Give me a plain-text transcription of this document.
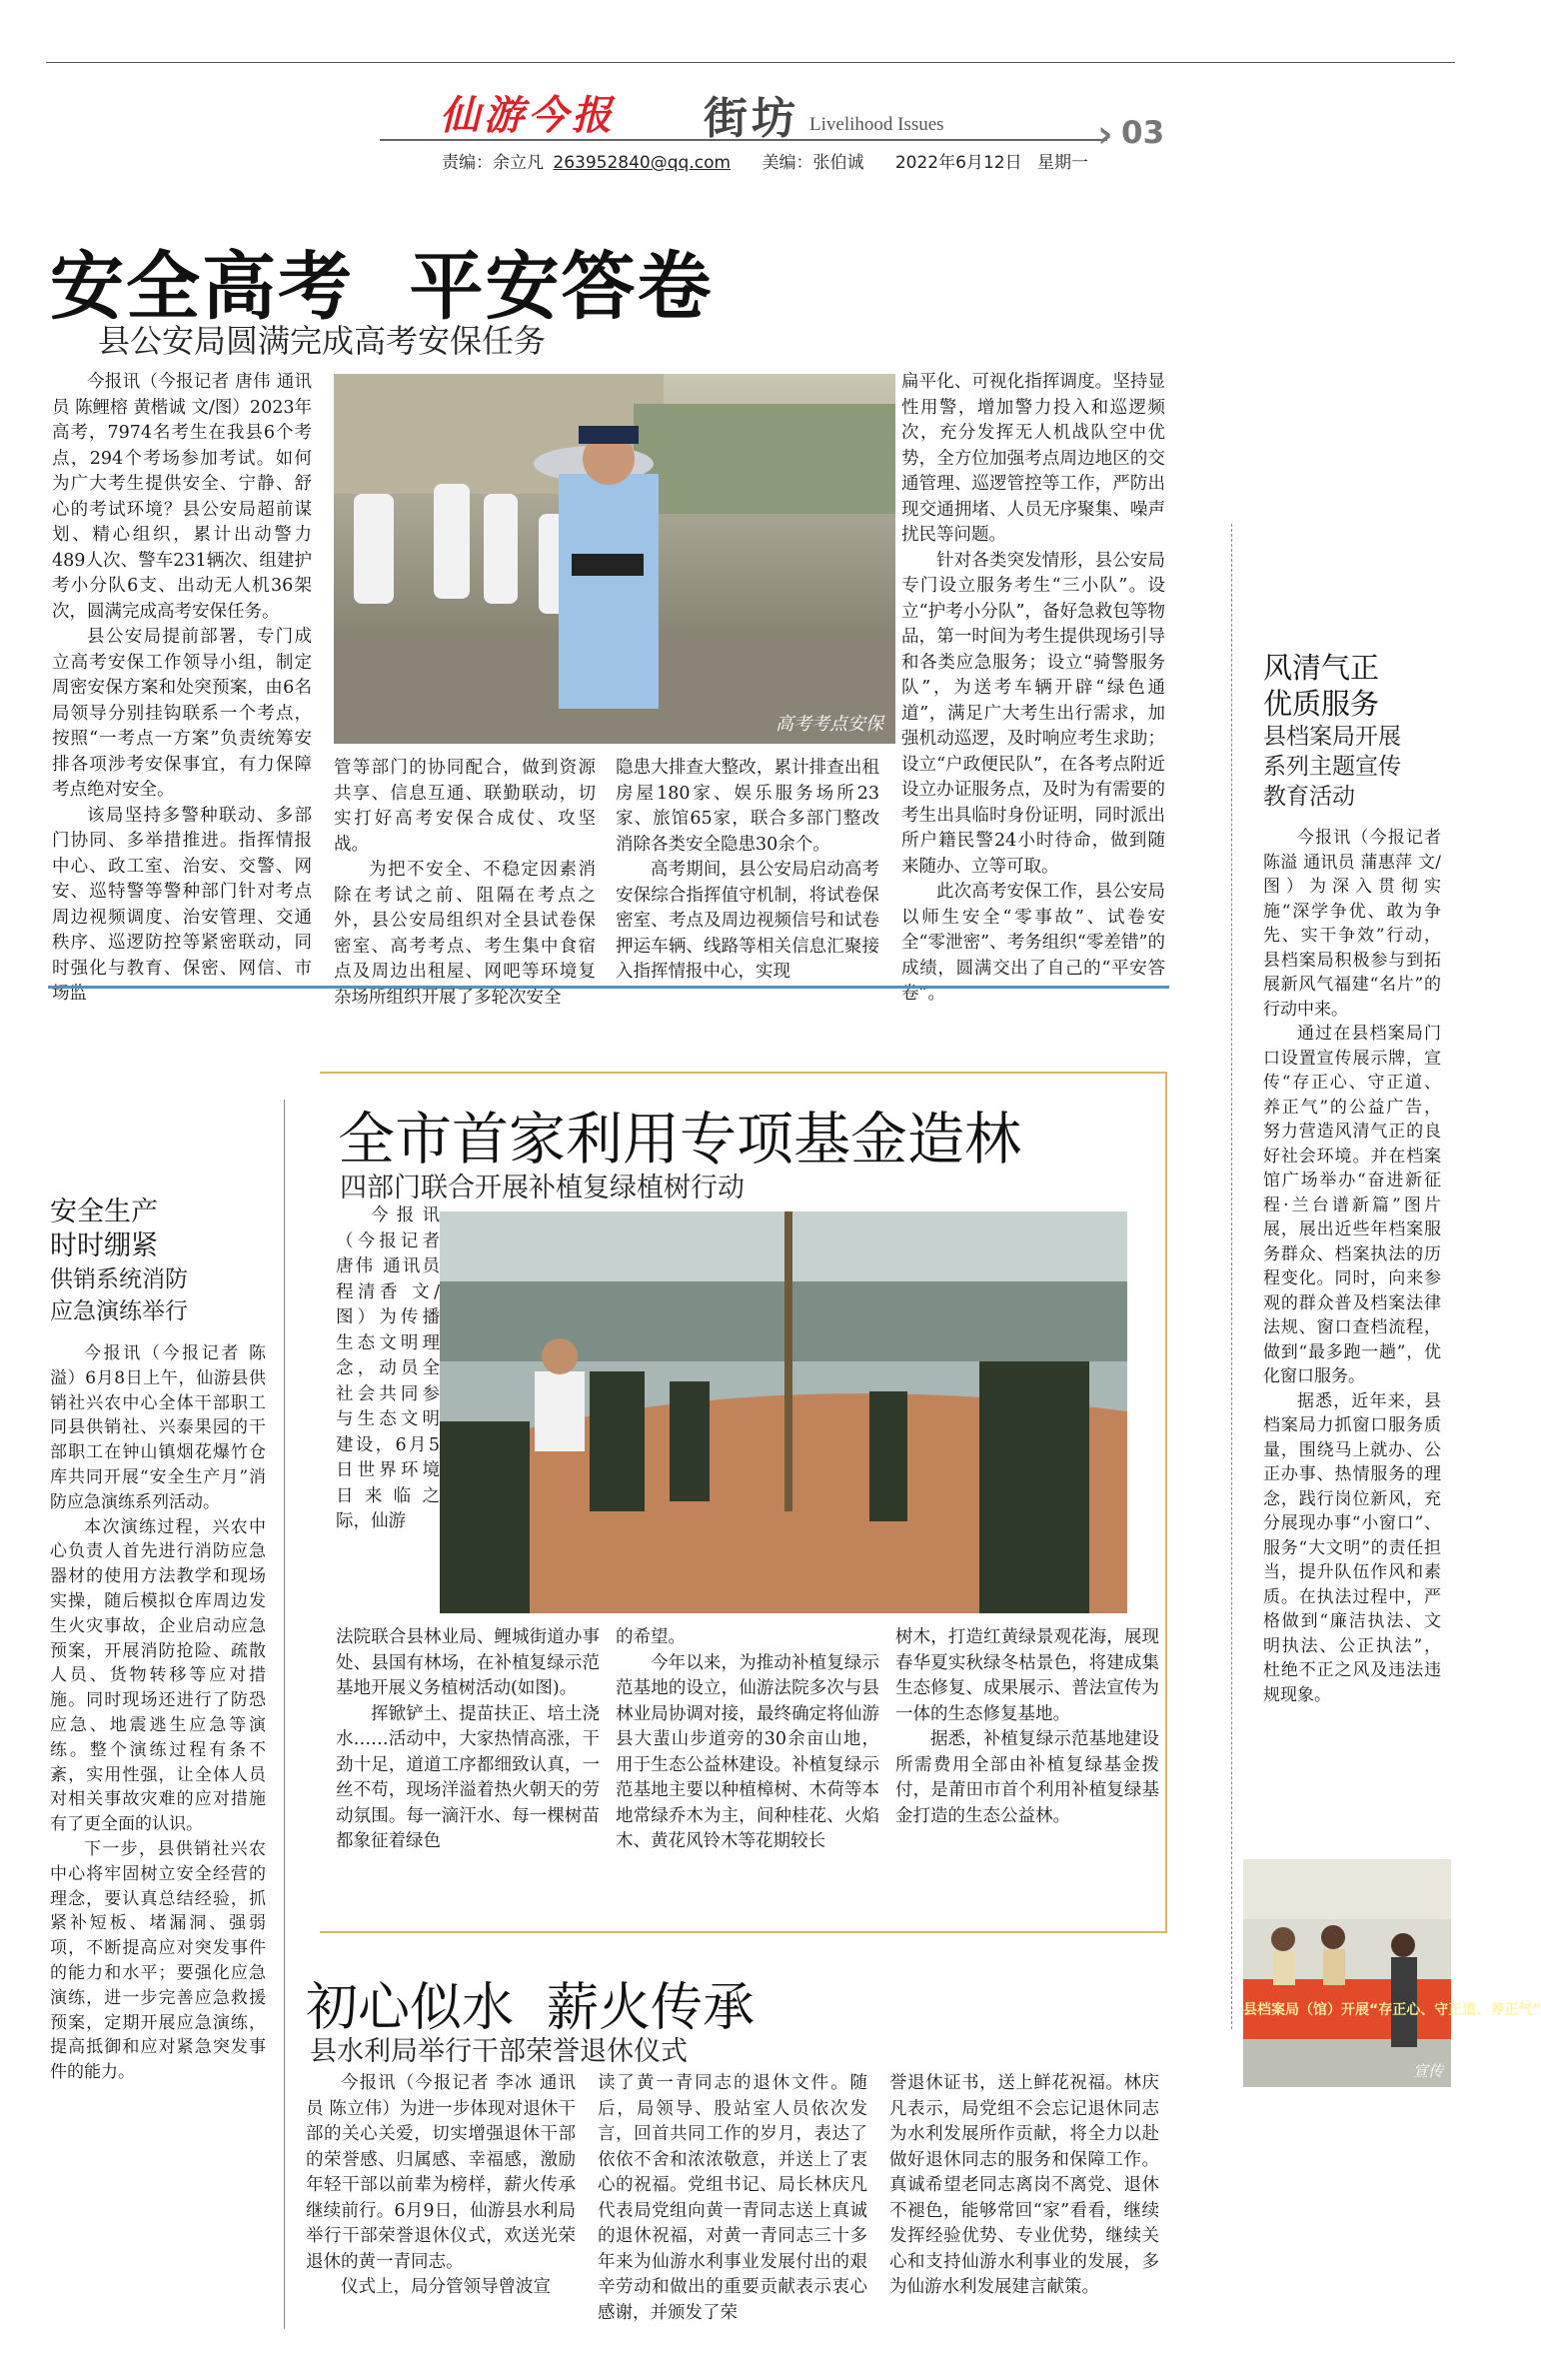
仙游今报 街坊 Livelihood Issues	› 03
责编：余立凡 263952840@qq.com 美编：张伯诚 2022年6月12日 星期一
安全高考  平安答卷
县公安局圆满完成高考安保任务

今报讯（今报记者 唐伟 通讯员 陈鲤榕 黄楷诚 文/图）2023年高考，7974名考生在我县6个考点，294个考场参加考试。如何为广大考生提供安全、宁静、舒心的考试环境？县公安局超前谋划、精心组织，累计出动警力489人次、警车231辆次、组建护考小分队6支、出动无人机36架次，圆满完成高考安保任务。

县公安局提前部署，专门成立高考安保工作领导小组，制定周密安保方案和处突预案，由6名局领导分别挂钩联系一个考点，按照“一考点一方案”负责统筹安排各项涉考安保事宜，有力保障考点绝对安全。

该局坚持多警种联动、多部门协同、多举措推进。指挥情报中心、政工室、治安、交警、网安、巡特警等警种部门针对考点周边视频调度、治安管理、交通秩序、巡逻防控等紧密联动，同时强化与教育、保密、网信、市场监

高考考点安保

管等部门的协同配合，做到资源共享、信息互通、联勤联动，切实打好高考安保合成仗、攻坚战。

为把不安全、不稳定因素消除在考试之前、阻隔在考点之外，县公安局组织对全县试卷保密室、高考考点、考生集中食宿点及周边出租屋、网吧等环境复杂场所组织开展了多轮次安全

隐患大排查大整改，累计排查出租房屋180家、娱乐服务场所23家、旅馆65家，联合多部门整改消除各类安全隐患30余个。

高考期间，县公安局启动高考安保综合指挥值守机制，将试卷保密室、考点及周边视频信号和试卷押运车辆、线路等相关信息汇聚接入指挥情报中心，实现

扁平化、可视化指挥调度。坚持显性用警，增加警力投入和巡逻频次，充分发挥无人机战队空中优势，全方位加强考点周边地区的交通管理、巡逻管控等工作，严防出现交通拥堵、人员无序聚集、噪声扰民等问题。

针对各类突发情形，县公安局专门设立服务考生“三小队”。设立“护考小分队”，备好急救包等物品，第一时间为考生提供现场引导和各类应急服务；设立“骑警服务队”，为送考车辆开辟“绿色通道”，满足广大考生出行需求，加强机动巡逻，及时响应考生求助；设立“户政便民队”，在各考点附近设立办证服务点，及时为有需要的考生出具临时身份证明，同时派出所户籍民警24小时待命，做到随来随办、立等可取。

此次高考安保工作，县公安局以师生安全“零事故”、试卷安全“零泄密”、考务组织“零差错”的成绩，圆满交出了自己的“平安答卷”。

风清气正
优质服务
县档案局开展
系列主题宣传
教育活动

今报讯（今报记者 陈溢 通讯员 蒲惠萍 文/图）为深入贯彻实施“深学争优、敢为争先、实干争效”行动，县档案局积极参与到拓展新风气福建“名片”的行动中来。

通过在县档案局门口设置宣传展示牌，宣传“存正心、守正道、养正气”的公益广告，努力营造风清气正的良好社会环境。并在档案馆广场举办“奋进新征程·兰台谱新篇”图片展，展出近些年档案服务群众、档案执法的历程变化。同时，向来参观的群众普及档案法律法规、窗口查档流程，做到“最多跑一趟”，优化窗口服务。

据悉，近年来，县档案局力抓窗口服务质量，围绕马上就办、公正办事、热情服务的理念，践行岗位新风，充分展现办事“小窗口”、服务“大文明”的责任担当，提升队伍作风和素质。在执法过程中，严格做到“廉洁执法、文明执法、公正执法”，杜绝不正之风及违法违规现象。

县档案局（馆）开展“存正心、守正道、养正气”
宣传
安全生产
时时绷紧
供销系统消防
应急演练举行

今报讯（今报记者 陈溢）6月8日上午，仙游县供销社兴农中心全体干部职工同县供销社、兴泰果园的干部职工在钟山镇烟花爆竹仓库共同开展“安全生产月”消防应急演练系列活动。

本次演练过程，兴农中心负责人首先进行消防应急器材的使用方法教学和现场实操，随后模拟仓库周边发生火灾事故，企业启动应急预案，开展消防抢险、疏散人员、货物转移等应对措施。同时现场还进行了防恐应急、地震逃生应急等演练。整个演练过程有条不紊，实用性强，让全体人员对相关事故灾难的应对措施有了更全面的认识。

下一步，县供销社兴农中心将牢固树立安全经营的理念，要认真总结经验，抓紧补短板、堵漏洞、强弱项，不断提高应对突发事件的能力和水平；要强化应急演练，进一步完善应急救援预案，定期开展应急演练，提高抵御和应对紧急突发事件的能力。

全市首家利用专项基金造林
四部门联合开展补植复绿植树行动

今报讯（今报记者 唐伟 通讯员 程清香 文/图）为传播生态文明理念，动员全社会共同参与生态文明建设，6月5日世界环境日来临之际，仙游

法院联合县林业局、鲤城街道办事处、县国有林场，在补植复绿示范基地开展义务植树活动(如图)。

挥锨铲土、提苗扶正、培土浇水……活动中，大家热情高涨，干劲十足，道道工序都细致认真，一丝不苟，现场洋溢着热火朝天的劳动氛围。每一滴汗水、每一棵树苗都象征着绿色

的希望。

今年以来，为推动补植复绿示范基地的设立，仙游法院多次与县林业局协调对接，最终确定将仙游县大蜚山步道旁的30余亩山地，用于生态公益林建设。补植复绿示范基地主要以种植樟树、木荷等本地常绿乔木为主，间种桂花、火焰木、黄花风铃木等花期较长

树木，打造红黄绿景观花海，展现春华夏实秋绿冬枯景色，将建成集生态修复、成果展示、普法宣传为一体的生态修复基地。

据悉，补植复绿示范基地建设所需费用全部由补植复绿基金拨付，是莆田市首个利用补植复绿基金打造的生态公益林。

初心似水  薪火传承
县水利局举行干部荣誉退休仪式

今报讯（今报记者 李冰 通讯员 陈立伟）为进一步体现对退休干部的关心关爱，切实增强退休干部的荣誉感、归属感、幸福感，激励年轻干部以前辈为榜样，薪火传承继续前行。6月9日，仙游县水利局举行干部荣誉退休仪式，欢送光荣退休的黄一青同志。

仪式上，局分管领导曾波宣

读了黄一青同志的退休文件。随后，局领导、股站室人员依次发言，回首共同工作的岁月，表达了依依不舍和浓浓敬意，并送上了衷心的祝福。党组书记、局长林庆凡代表局党组向黄一青同志送上真诚的退休祝福，对黄一青同志三十多年来为仙游水利事业发展付出的艰辛劳动和做出的重要贡献表示衷心感谢，并颁发了荣

誉退休证书，送上鲜花祝福。林庆凡表示，局党组不会忘记退休同志为水利发展所作贡献，将全力以赴做好退休同志的服务和保障工作。真诚希望老同志离岗不离党、退休不褪色，能够常回“家”看看，继续发挥经验优势、专业优势，继续关心和支持仙游水利事业的发展，多为仙游水利发展建言献策。
